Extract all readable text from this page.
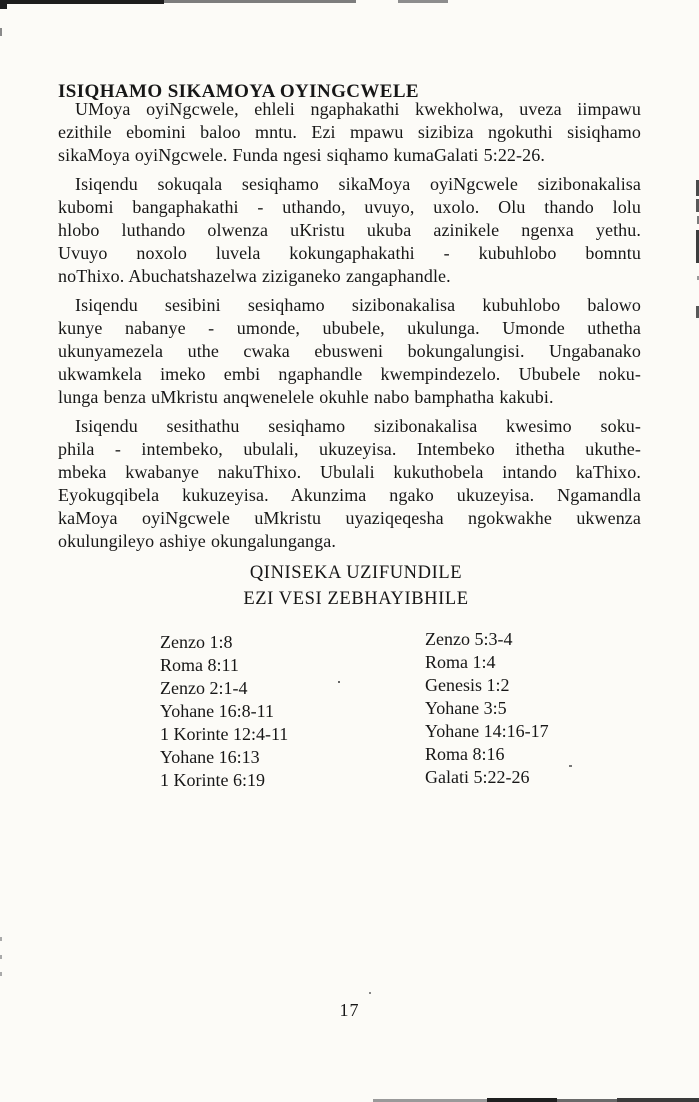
ISIQHAMO SIKAMOYA OYINGCWELE
UMoya oyiNgcwele, ehleli ngaphakathi kwekholwa, uveza iimpawu
ezithile ebomini baloo mntu. Ezi mpawu sizibiza ngokuthi sisiqhamo
sikaMoya oyiNgcwele. Funda ngesi siqhamo kumaGalati 5:22-26.
Isiqendu sokuqala sesiqhamo sikaMoya oyiNgcwele sizibonakalisa
kubomi bangaphakathi - uthando, uvuyo, uxolo. Olu thando lolu
hlobo luthando olwenza uKristu ukuba azinikele ngenxa yethu.
Uvuyo noxolo luvela kokungaphakathi - kubuhlobo bomntu
noThixo. Abuchatshazelwa ziziganeko zangaphandle.
Isiqendu sesibini sesiqhamo sizibonakalisa kubuhlobo balowo
kunye nabanye - umonde, ububele, ukulunga. Umonde uthetha
ukunyamezela uthe cwaka ebusweni bokungalungisi. Ungabanako
ukwamkela imeko embi ngaphandle kwempindezelo. Ububele noku-
lunga benza uMkristu anqwenelele okuhle nabo bamphatha kakubi.
Isiqendu sesithathu sesiqhamo sizibonakalisa kwesimo soku-
phila - intembeko, ubulali, ukuzeyisa. Intembeko ithetha ukuthe-
mbeka kwabanye nakuThixo. Ubulali kukuthobela intando kaThixo.
Eyokugqibela kukuzeyisa. Akunzima ngako ukuzeyisa. Ngamandla
kaMoya oyiNgcwele uMkristu uyaziqeqesha ngokwakhe ukwenza
okulungileyo ashiye okungalunganga.
QINISEKA UZIFUNDILE
EZI VESI ZEBHAYIBHILE
Zenzo 1:8
Roma 8:11
Zenzo 2:1-4
Yohane 16:8-11
1 Korinte 12:4-11
Yohane 16:13
1 Korinte 6:19
Zenzo 5:3-4
Roma 1:4
Genesis 1:2
Yohane 3:5
Yohane 14:16-17
Roma 8:16
Galati 5:22-26
17
